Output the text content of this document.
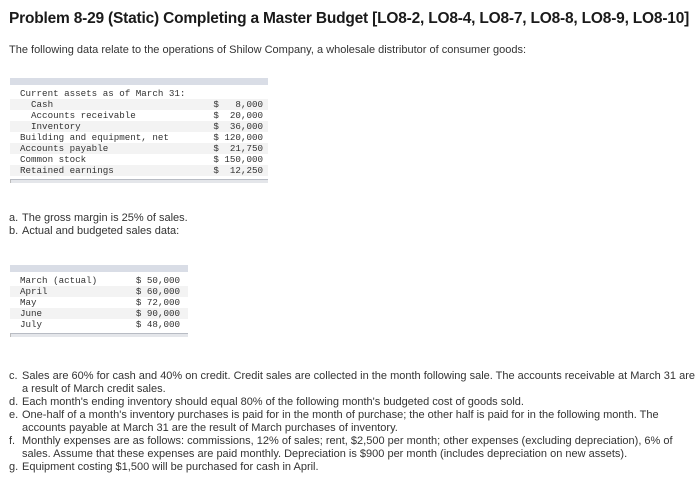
Problem 8-29 (Static) Completing a Master Budget [LO8-2, LO8-4, LO8-7, LO8-8, LO8-9, LO8-10]
The following data relate to the operations of Shilow Company, a wholesale distributor of consumer goods:
Current assets as of March 31:
Cash	$   8,000
Accounts receivable	$  20,000
Inventory	$  36,000
Building and equipment, net	$ 120,000
Accounts payable	$  21,750
Common stock	$ 150,000
Retained earnings	$  12,250
a. The gross margin is 25% of sales.
b. Actual and budgeted sales data:
March (actual)	$ 50,000
April	$ 60,000
May	$ 72,000
June	$ 90,000
July	$ 48,000
c. Sales are 60% for cash and 40% on credit. Credit sales are collected in the month following sale. The accounts receivable at March 31 are a result of March credit sales.
d. Each month's ending inventory should equal 80% of the following month's budgeted cost of goods sold.
e. One-half of a month's inventory purchases is paid for in the month of purchase; the other half is paid for in the following month. The accounts payable at March 31 are the result of March purchases of inventory.
f. Monthly expenses are as follows: commissions, 12% of sales; rent, $2,500 per month; other expenses (excluding depreciation), 6% of sales. Assume that these expenses are paid monthly. Depreciation is $900 per month (includes depreciation on new assets).
g. Equipment costing $1,500 will be purchased for cash in April.
